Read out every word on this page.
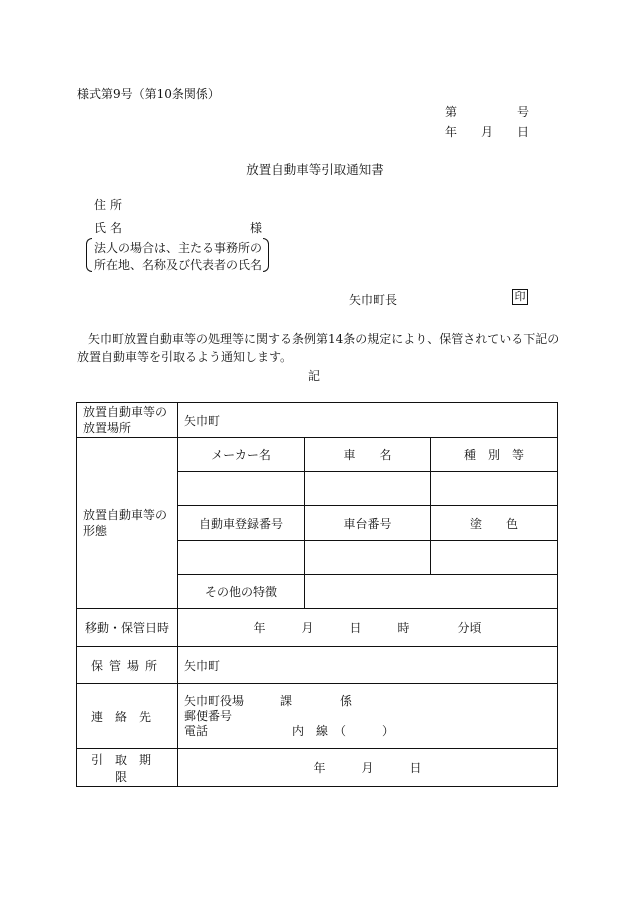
様式第9号（第10条関係）
第	号
年 月 日
放置自動車等引取通知書
住所
氏名	様
法人の場合は、主たる事務所の
所在地、名称及び代表者の氏名
矢巾町長	印
矢巾町放置自動車等の処理等に関する条例第14条の規定により、保管されている下記の
放置自動車等を引取るよう通知します。
記
放置自動車等の放置場所	矢巾町		
放置自動車等の形態	メーカー名	車　　名	種　別　等

	自動車登録番号	車台番号	塗　　色

	その他の特徴		
移動・保管日時	年　　　月　　　日　　　時　　　　分頃		
保管場所	矢巾町		
連絡先	矢巾町役場　　　課　　　　係
郵便番号
電話　　　　　　　内　線　（　　　）		

引取期限	年　　　月　　　日		
